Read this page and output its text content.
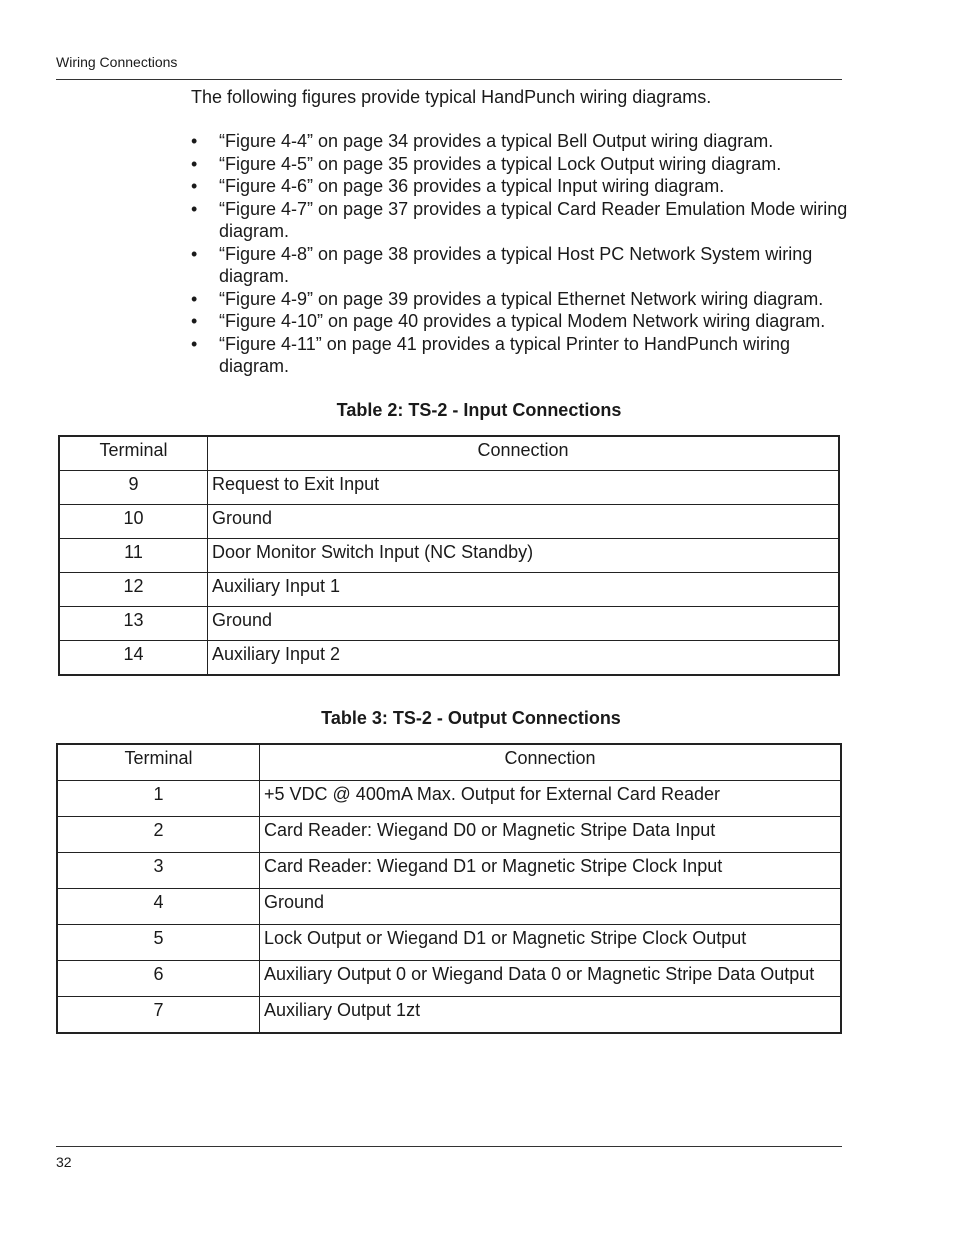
Wiring Connections

The following figures provide typical HandPunch wiring diagrams.

• “Figure 4-4” on page 34 provides a typical Bell Output wiring diagram.
• “Figure 4-5” on page 35 provides a typical Lock Output wiring diagram.
• “Figure 4-6” on page 36 provides a typical Input wiring diagram.
• “Figure 4-7” on page 37 provides a typical Card Reader Emulation Mode wiring diagram.
• “Figure 4-8” on page 38 provides a typical Host PC Network System wiring diagram.
• “Figure 4-9” on page 39 provides a typical Ethernet Network wiring diagram.
• “Figure 4-10” on page 40 provides a typical Modem Network wiring diagram.
• “Figure 4-11” on page 41 provides a typical Printer to HandPunch wiring diagram.
Table 2: TS-2 - Input Connections
Terminal	Connection
9	Request to Exit Input
10	Ground
11	Door Monitor Switch Input (NC Standby)
12	Auxiliary Input 1
13	Ground
14	Auxiliary Input 2
Table 3: TS-2 - Output Connections
Terminal	Connection
1	+5 VDC @ 400mA Max. Output for External Card Reader
2	Card Reader: Wiegand D0 or Magnetic Stripe Data Input
3	Card Reader: Wiegand D1 or Magnetic Stripe Clock Input
4	Ground
5	Lock Output or Wiegand D1 or Magnetic Stripe Clock Output
6	Auxiliary Output 0 or Wiegand Data 0 or Magnetic Stripe Data Output
7	Auxiliary Output 1zt
32
